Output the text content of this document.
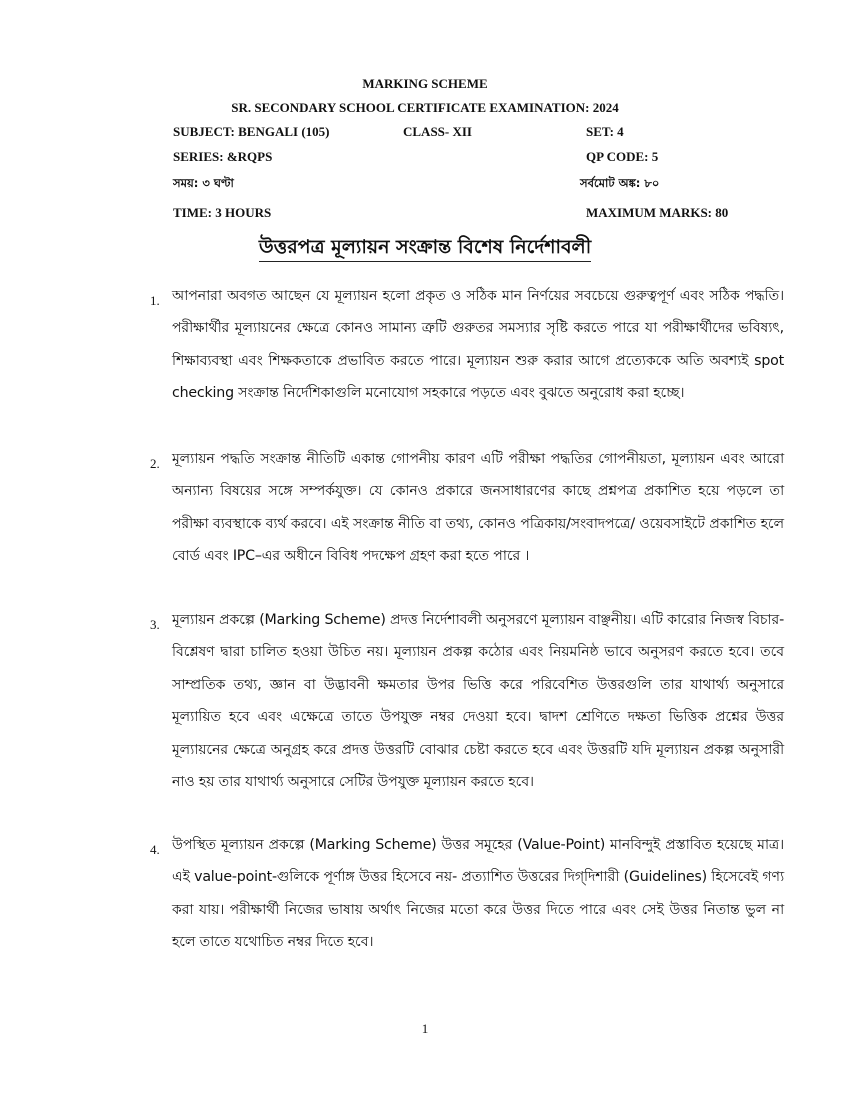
MARKING SCHEME
SR. SECONDARY SCHOOL CERTIFICATE EXAMINATION: 2024
SUBJECT: BENGALI (105)	CLASS- XII	SET: 4
SERIES: &RQPS	QP CODE: 5
সময়: ৩ ঘণ্টা	সর্বমোট অঙ্ক: ৮০
TIME: 3 HOURS	MAXIMUM MARKS: 80
উত্তরপত্র মূল্যায়ন সংক্রান্ত বিশেষ নির্দেশাবলী
1. আপনারা অবগত আছেন যে মূল্যায়ন হলো প্রকৃত ও সঠিক মান নির্ণয়ের সবচেয়ে গুরুত্বপূর্ণ এবং সঠিক পদ্ধতি। পরীক্ষার্থীর মূল্যায়নের ক্ষেত্রে কোনও সামান্য ত্রুটি গুরুতর সমস্যার সৃষ্টি করতে পারে যা পরীক্ষার্থীদের ভবিষ্যৎ, শিক্ষাব্যবস্থা এবং শিক্ষকতাকে প্রভাবিত করতে পারে। মূল্যায়ন শুরু করার আগে প্রত্যেককে অতি অবশ্যই spot checking সংক্রান্ত নির্দেশিকাগুলি মনোযোগ সহকারে পড়তে এবং বুঝতে অনুরোধ করা হচ্ছে।
2. মূল্যায়ন পদ্ধতি সংক্রান্ত নীতিটি একান্ত গোপনীয় কারণ এটি পরীক্ষা পদ্ধতির গোপনীয়তা, মূল্যায়ন এবং আরো অন্যান্য বিষয়ের সঙ্গে সম্পর্কযুক্ত। যে কোনও প্রকারে জনসাধারণের কাছে প্রশ্নপত্র প্রকাশিত হয়ে পড়লে তা পরীক্ষা ব্যবস্থাকে ব্যর্থ করবে। এই সংক্রান্ত নীতি বা তথ্য, কোনও পত্রিকায়/সংবাদপত্রে/ ওয়েবসাইটে প্রকাশিত হলে বোর্ড এবং IPC–এর অধীনে বিবিধ পদক্ষেপ গ্রহণ করা হতে পারে ।
3. মূল্যায়ন প্রকল্পে (Marking Scheme) প্রদত্ত নির্দেশাবলী অনুসরণে মূল্যায়ন বাঞ্ছনীয়। এটি কারোর নিজস্ব বিচার-বিশ্লেষণ দ্বারা চালিত হওয়া উচিত নয়। মূল্যায়ন প্রকল্প কঠোর এবং নিয়মনিষ্ঠ ভাবে অনুসরণ করতে হবে। তবে সাম্প্রতিক তথ্য, জ্ঞান বা উদ্ভাবনী ক্ষমতার উপর ভিত্তি করে পরিবেশিত উত্তরগুলি তার যাথার্থ্য অনুসারে মূল্যায়িত হবে এবং এক্ষেত্রে তাতে উপযুক্ত নম্বর দেওয়া হবে। দ্বাদশ শ্রেণিতে দক্ষতা ভিত্তিক প্রশ্নের উত্তর মূল্যায়নের ক্ষেত্রে অনুগ্রহ করে প্রদত্ত উত্তরটি বোঝার চেষ্টা করতে হবে এবং উত্তরটি যদি মূল্যায়ন প্রকল্প অনুসারী নাও হয় তার যাথার্থ্য অনুসারে সেটির উপযুক্ত মূল্যায়ন করতে হবে।
4. উপস্থিত মূল্যায়ন প্রকল্পে (Marking Scheme) উত্তর সমূহের (Value-Point) মানবিন্দুই প্রস্তাবিত হয়েছে মাত্র। এই value-point-গুলিকে পূর্ণাঙ্গ উত্তর হিসেবে নয়- প্রত্যাশিত উত্তরের দিগ্‌দিশারী (Guidelines) হিসেবেই গণ্য করা যায়। পরীক্ষার্থী নিজের ভাষায় অর্থাৎ নিজের মতো করে উত্তর দিতে পারে এবং সেই উত্তর নিতান্ত ভুল না হলে তাতে যথোচিত নম্বর দিতে হবে।
1
